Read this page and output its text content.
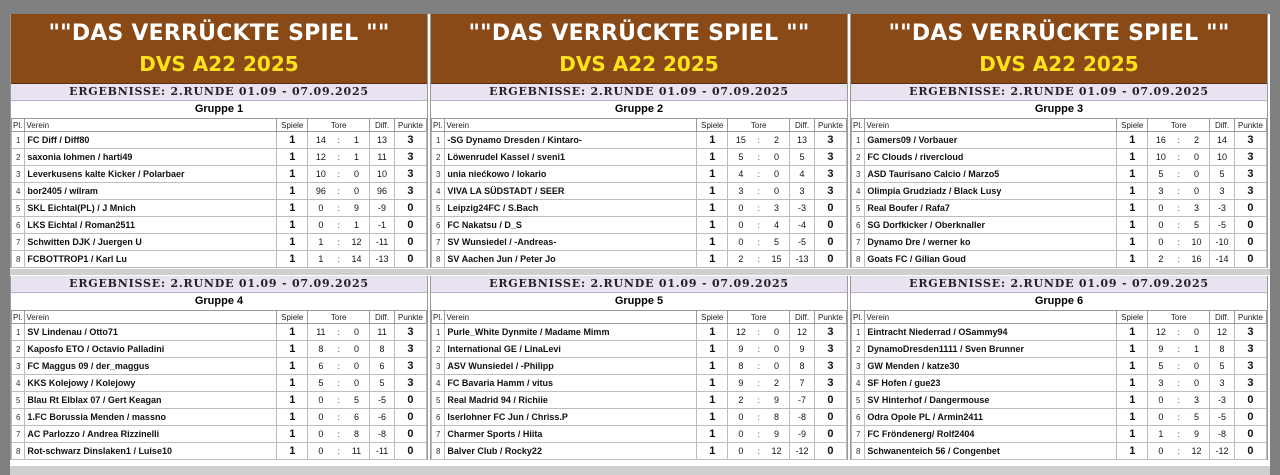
""DAS VERRÜCKTE SPIEL ""
DVS A22 2025
ERGEBNISSE: 2.RUNDE 01.09 - 07.09.2025
Gruppe 1
Pl.	Verein	Spiele	Tore			Diff.	Punkte
1	FC Diff / Diff80	1	14	:	1	13	3
2	saxonia lohmen / harti49	1	12	:	1	11	3
3	Leverkusens kalte Kicker / Polarbaer	1	10	:	0	10	3
4	bor2405 / wilram	1	96	:	0	96	3
5	SKL Eichtal(PL) / J Mnich	1	0	:	9	-9	0
6	LKS Eichtal / Roman2511	1	0	:	1	-1	0
7	Schwitten DJK / Juergen U	1	1	:	12	-11	0
8	FCBOTTROP1 / Karl Lu	1	1	:	14	-13	0
""DAS VERRÜCKTE SPIEL ""
DVS A22 2025
ERGEBNISSE: 2.RUNDE 01.09 - 07.09.2025
Gruppe 2
Pl.	Verein	Spiele	Tore			Diff.	Punkte
1	-SG Dynamo Dresden / Kintaro-	1	15	:	2	13	3
2	Löwenrudel Kassel / sveni1	1	5	:	0	5	3
3	unia niećkowo / lokario	1	4	:	0	4	3
4	VIVA LA SÜDSTADT / SEER	1	3	:	0	3	3
5	Leipzig24FC / S.Bach	1	0	:	3	-3	0
6	FC Nakatsu / D_S	1	0	:	4	-4	0
7	SV Wunsiedel / -Andreas-	1	0	:	5	-5	0
8	SV Aachen Jun / Peter Jo	1	2	:	15	-13	0
""DAS VERRÜCKTE SPIEL ""
DVS A22 2025
ERGEBNISSE: 2.RUNDE 01.09 - 07.09.2025
Gruppe 3
Pl.	Verein	Spiele	Tore			Diff.	Punkte
1	Gamers09 / Vorbauer	1	16	:	2	14	3
2	FC Clouds / rivercloud	1	10	:	0	10	3
3	ASD Taurisano Calcio / Marzo5	1	5	:	0	5	3
4	Olimpia Grudziadz / Black Lusy	1	3	:	0	3	3
5	Real Boufer / Rafa7	1	0	:	3	-3	0
6	SG Dorfkicker / Oberknaller	1	0	:	5	-5	0
7	Dynamo Dre / werner ko	1	0	:	10	-10	0
8	Goats FC / Gilian Goud	1	2	:	16	-14	0
ERGEBNISSE: 2.RUNDE 01.09 - 07.09.2025
Gruppe 4
Pl.	Verein	Spiele	Tore			Diff.	Punkte
1	SV Lindenau / Otto71	1	11	:	0	11	3
2	Kaposfo ETO / Octavio Palladini	1	8	:	0	8	3
3	FC Maggus 09 / der_maggus	1	6	:	0	6	3
4	KKS Kolejowy / Kolejowy	1	5	:	0	5	3
5	Blau Rt Elblax 07 / Gert Keagan	1	0	:	5	-5	0
6	1.FC Borussia Menden / massno	1	0	:	6	-6	0
7	AC Parlozzo / Andrea Rizzinelli	1	0	:	8	-8	0
8	Rot-schwarz Dinslaken1 / Luise10	1	0	:	11	-11	0
ERGEBNISSE: 2.RUNDE 01.09 - 07.09.2025
Gruppe 5
Pl.	Verein	Spiele	Tore			Diff.	Punkte
1	Purle_White Dynmite / Madame Mimm	1	12	:	0	12	3
2	International GE / LinaLevi	1	9	:	0	9	3
3	ASV Wunsiedel / -Philipp	1	8	:	0	8	3
4	FC Bavaria Hamm / vitus	1	9	:	2	7	3
5	Real Madrid 94 / Richiie	1	2	:	9	-7	0
6	Iserlohner FC Jun / Chriss.P	1	0	:	8	-8	0
7	Charmer Sports / Hiita	1	0	:	9	-9	0
8	Balver Club / Rocky22	1	0	:	12	-12	0
ERGEBNISSE: 2.RUNDE 01.09 - 07.09.2025
Gruppe 6
Pl.	Verein	Spiele	Tore			Diff.	Punkte
1	Eintracht Niederrad / OSammy94	1	12	:	0	12	3
2	DynamoDresden1111 / Sven Brunner	1	9	:	1	8	3
3	GW Menden / katze30	1	5	:	0	5	3
4	SF Hofen / gue23	1	3	:	0	3	3
5	SV Hinterhof / Dangermouse	1	0	:	3	-3	0
6	Odra Opole PL / Armin2411	1	0	:	5	-5	0
7	FC Fröndenerg/ Rolf2404	1	1	:	9	-8	0
8	Schwanenteich 56 / Congenbet	1	0	:	12	-12	0
